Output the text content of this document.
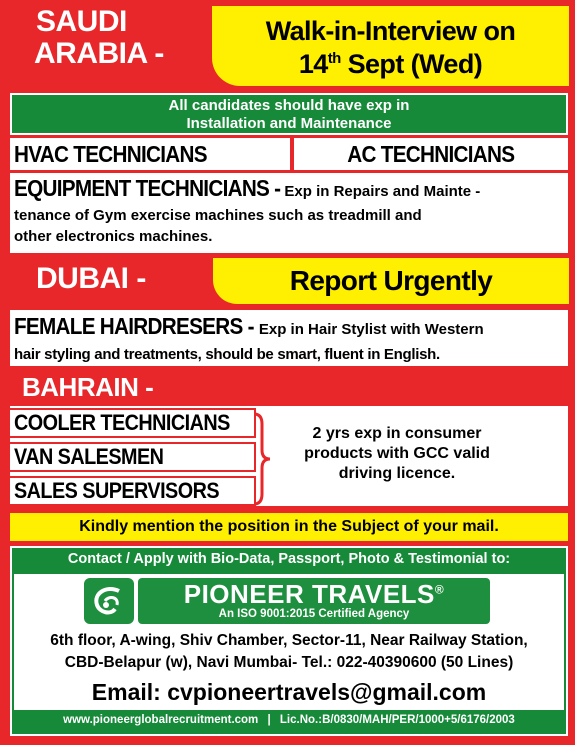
SAUDI
ARABIA -
Walk-in-Interview on
14th Sept (Wed)
All candidates should have exp in
Installation and Maintenance
HVAC TECHNICIANS	AC TECHNICIANS
EQUIPMENT TECHNICIANS - Exp in Repairs and Mainte -
tenance of Gym exercise machines such as treadmill and
other electronics machines.
DUBAI -	Report Urgently
FEMALE HAIRDRESERS - Exp in Hair Stylist with Western
hair styling and treatments, should be smart, fluent in English.
BAHRAIN -
COOLER TECHNICIANS
VAN SALESMEN
SALES SUPERVISORS
2 yrs exp in consumer
products with GCC valid
driving licence.
Kindly mention the position in the Subject of your mail.
Contact / Apply with Bio-Data, Passport, Photo & Testimonial to:
PIONEER TRAVELS®
An ISO 9001:2015 Certified Agency
6th floor, A-wing, Shiv Chamber, Sector-11, Near Railway Station,
CBD-Belapur (w), Navi Mumbai- Tel.: 022-40390600 (50 Lines)
Email: cvpioneertravels@gmail.com
www.pioneerglobalrecruitment.com | Lic.No.:B/0830/MAH/PER/1000+5/6176/2003
